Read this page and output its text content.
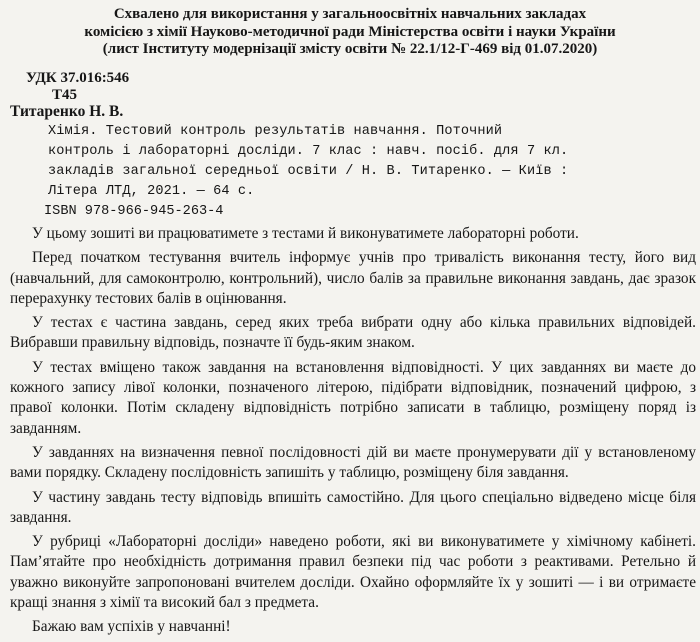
Схвалено для використання у загальноосвітніх навчальних закладах
комісією з хімії Науково-методичної ради Міністерства освіти і науки України
(лист Інституту модернізації змісту освіти № 22.1/12-Г-469 від 01.07.2020)
УДК 37.016:546
Т45
Титаренко Н. В.
Хімія. Тестовий контроль результатів навчання. Поточний
контроль і лабораторні досліди. 7 клас : навч. посіб. для 7 кл.
закладів загальної середньої освіти / Н. В. Титаренко. — Київ :
Літера ЛТД, 2021. — 64 с.
ISBN 978-966-945-263-4

У цьому зошиті ви працюватимете з тестами й виконуватимете лабораторні роботи.

Перед початком тестування вчитель інформує учнів про тривалість виконання тесту, його вид (навчальний, для самоконтролю, контрольний), число балів за правильне виконання завдань, дає зразок перерахунку тестових балів в оцінювання.

У тестах є частина завдань, серед яких треба вибрати одну або кілька правильних відповідей. Вибравши правильну відповідь, позначте її будь-яким знаком.

У тестах вміщено також завдання на встановлення відповідності. У цих завданнях ви маєте до кожного запису лівої колонки, позначеного літерою, підібрати відповідник, позначений цифрою, з правої колонки. Потім складену відповідність потрібно записати в таблицю, розміщену поряд із завданням.

У завданнях на визначення певної послідовності дій ви маєте пронумерувати дії у встановленому вами порядку. Складену послідовність запишіть у таблицю, розміщену біля завдання.

У частину завдань тесту відповідь впишіть самостійно. Для цього спеціально відведено місце біля завдання.

У рубриці «Лабораторні досліди» наведено роботи, які ви виконуватимете у хімічному кабінеті. Пам’ятайте про необхідність дотримання правил безпеки під час роботи з реактивами. Ретельно й уважно виконуйте запропоновані вчителем досліди. Охайно оформляйте їх у зошиті — і ви отримаєте кращі знання з хімії та високий бал з предмета.

Бажаю вам успіхів у навчанні!
